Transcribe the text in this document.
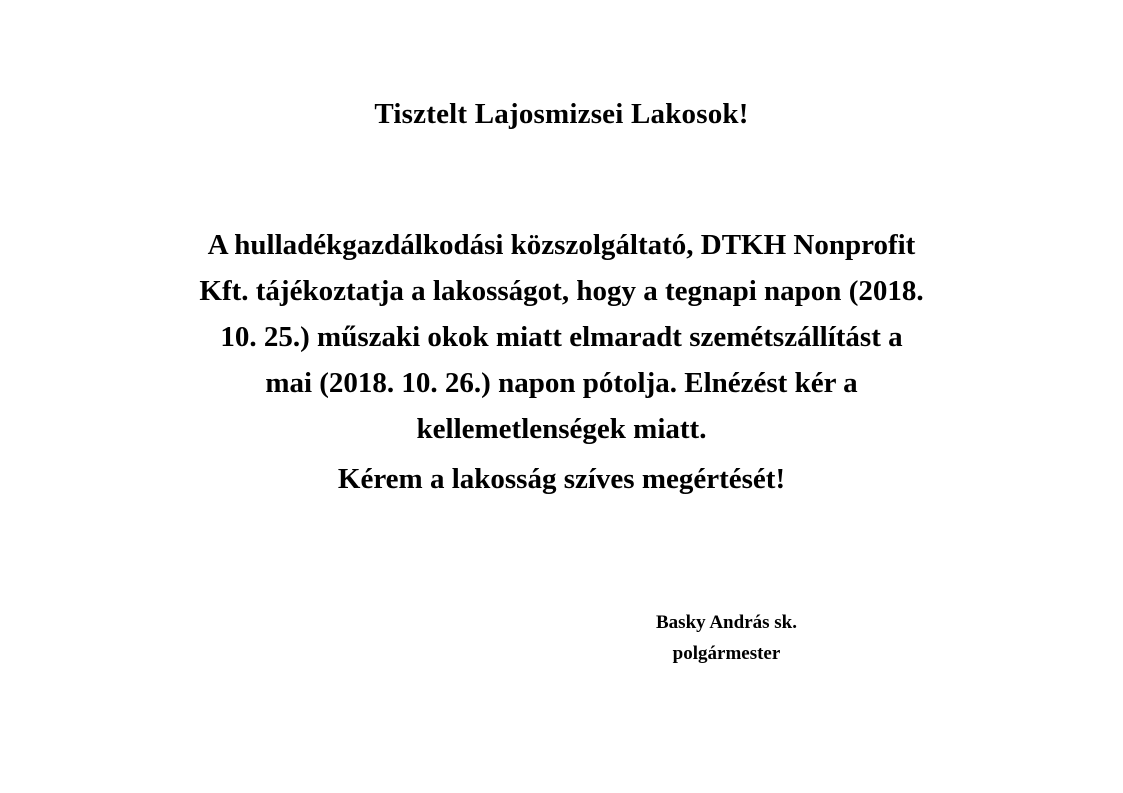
Tisztelt Lajosmizsei Lakosok!
A hulladékgazdálkodási közszolgáltató, DTKH Nonprofit
Kft. tájékoztatja a lakosságot, hogy a tegnapi napon (2018.
10. 25.) műszaki okok miatt elmaradt szemétszállítást a
mai (2018. 10. 26.) napon pótolja. Elnézést kér a
kellemetlenségek miatt.
Kérem a lakosság szíves megértését!
Basky András sk.
polgármester
